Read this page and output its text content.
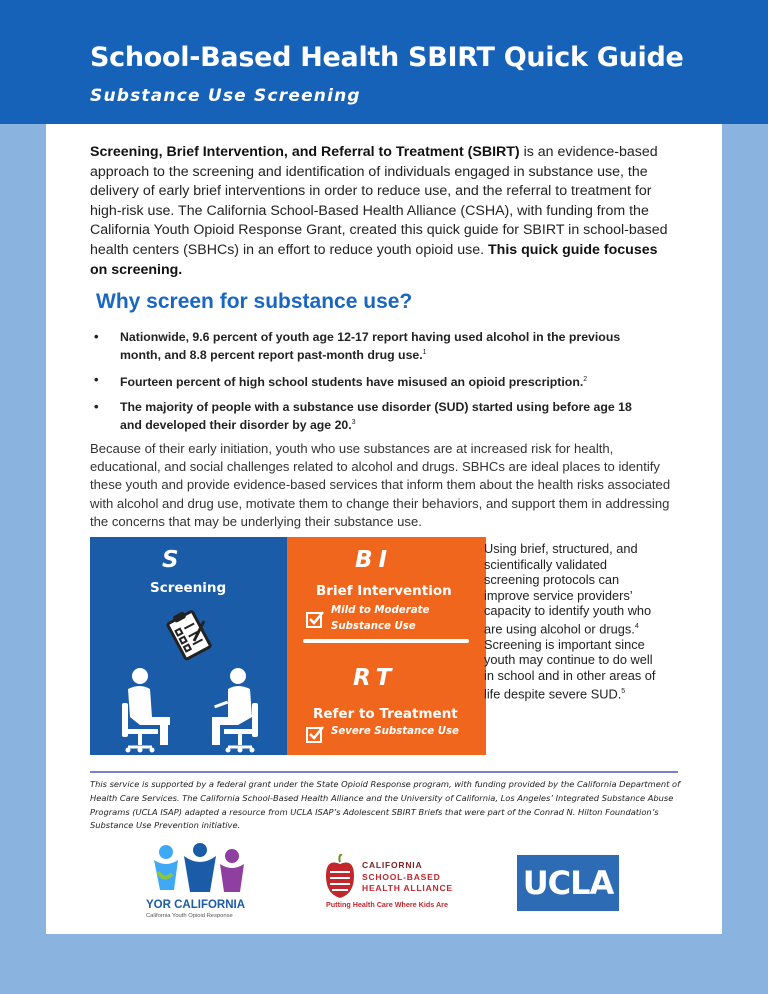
School-Based Health SBIRT Quick Guide
Substance Use Screening

Screening, Brief Intervention, and Referral to Treatment (SBIRT) is an evidence-based approach to the screening and identification of individuals engaged in substance use, the delivery of early brief interventions in order to reduce use, and the referral to treatment for high-risk use. The California School-Based Health Alliance (CSHA), with funding from the California Youth Opioid Response Grant, created this quick guide for SBIRT in school-based health centers (SBHCs) in an effort to reduce youth opioid use. This quick guide focuses on screening.

Why screen for substance use?
• Nationwide, 9.6 percent of youth age 12-17 report having used alcohol in the previous month, and 8.8 percent report past-month drug use.$^1$
• Fourteen percent of high school students have misused an opioid prescription.$^2$
• The majority of people with a substance use disorder (SUD) started using before age 18 and developed their disorder by age 20.$^3$

Because of their early initiation, youth who use substances are at increased risk for health, educational, and social challenges related to alcohol and drugs. SBHCs are ideal places to identify these youth and provide evidence-based services that inform them about the health risks associated with alcohol and drug use, motivate them to change their behaviors, and support them in addressing the concerns that may be underlying their substance use.

S
Screening
BI
Brief Intervention
Mild to Moderate Substance Use
RT
Refer to Treatment
Severe Substance Use

Using brief, structured, and scientifically validated screening protocols can improve service providers’ capacity to identify youth who are using alcohol or drugs.$^4$ Screening is important since youth may continue to do well in school and in other areas of life despite severe SUD.$^5$

This service is supported by a federal grant under the State Opioid Response program, with funding provided by the California Department of Health Care Services. The California School-Based Health Alliance and the University of California, Los Angeles’ Integrated Substance Abuse Programs (UCLA ISAP) adapted a resource from UCLA ISAP’s Adolescent SBIRT Briefs that were part of the Conrad N. Hilton Foundation’s Substance Use Prevention initiative.

YOR CALIFORNIA
California Youth Opioid Response
CALIFORNIA
SCHOOL-BASED
HEALTH ALLIANCE
Putting Health Care Where Kids Are
UCLA
